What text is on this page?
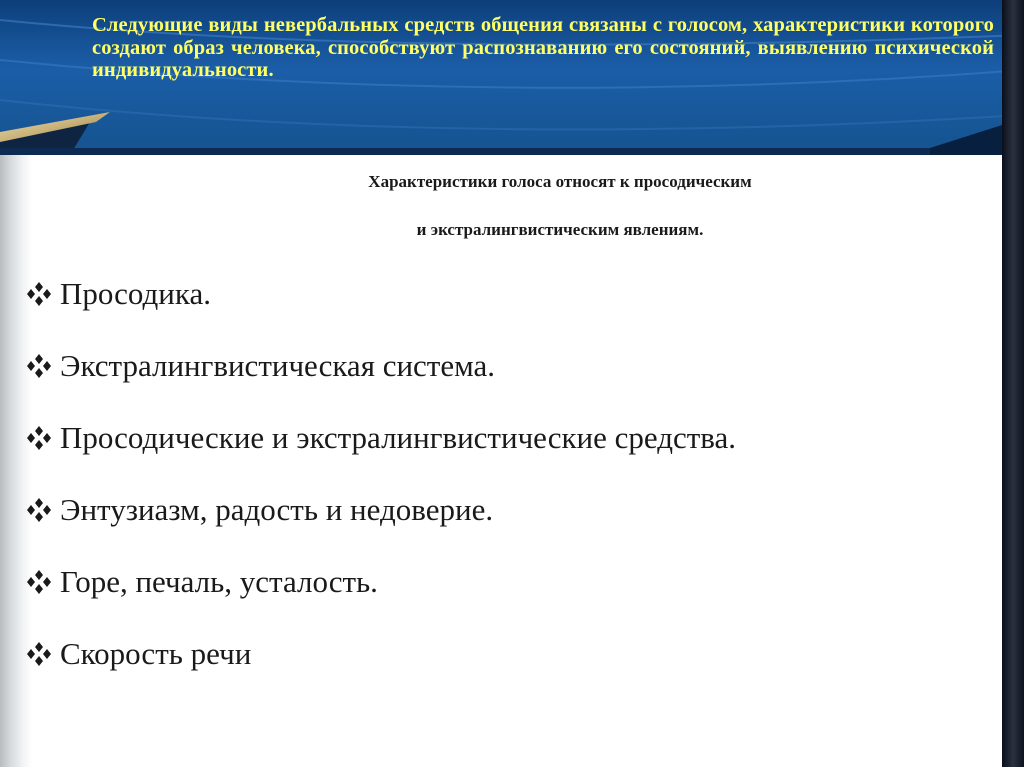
Следующие виды невербальных средств общения связаны с голосом, характеристики которого создают образ человека, способствуют распознаванию его состояний, выявлению психической индивидуальности.
Характеристики голоса относят к просодическим
и экстралингвистическим явлениям.
Просодика.
Экстралингвистическая система.
Просодические и экстралингвистические средства.
Энтузиазм, радость и недоверие.
Горе, печаль, усталость.
Скорость речи
